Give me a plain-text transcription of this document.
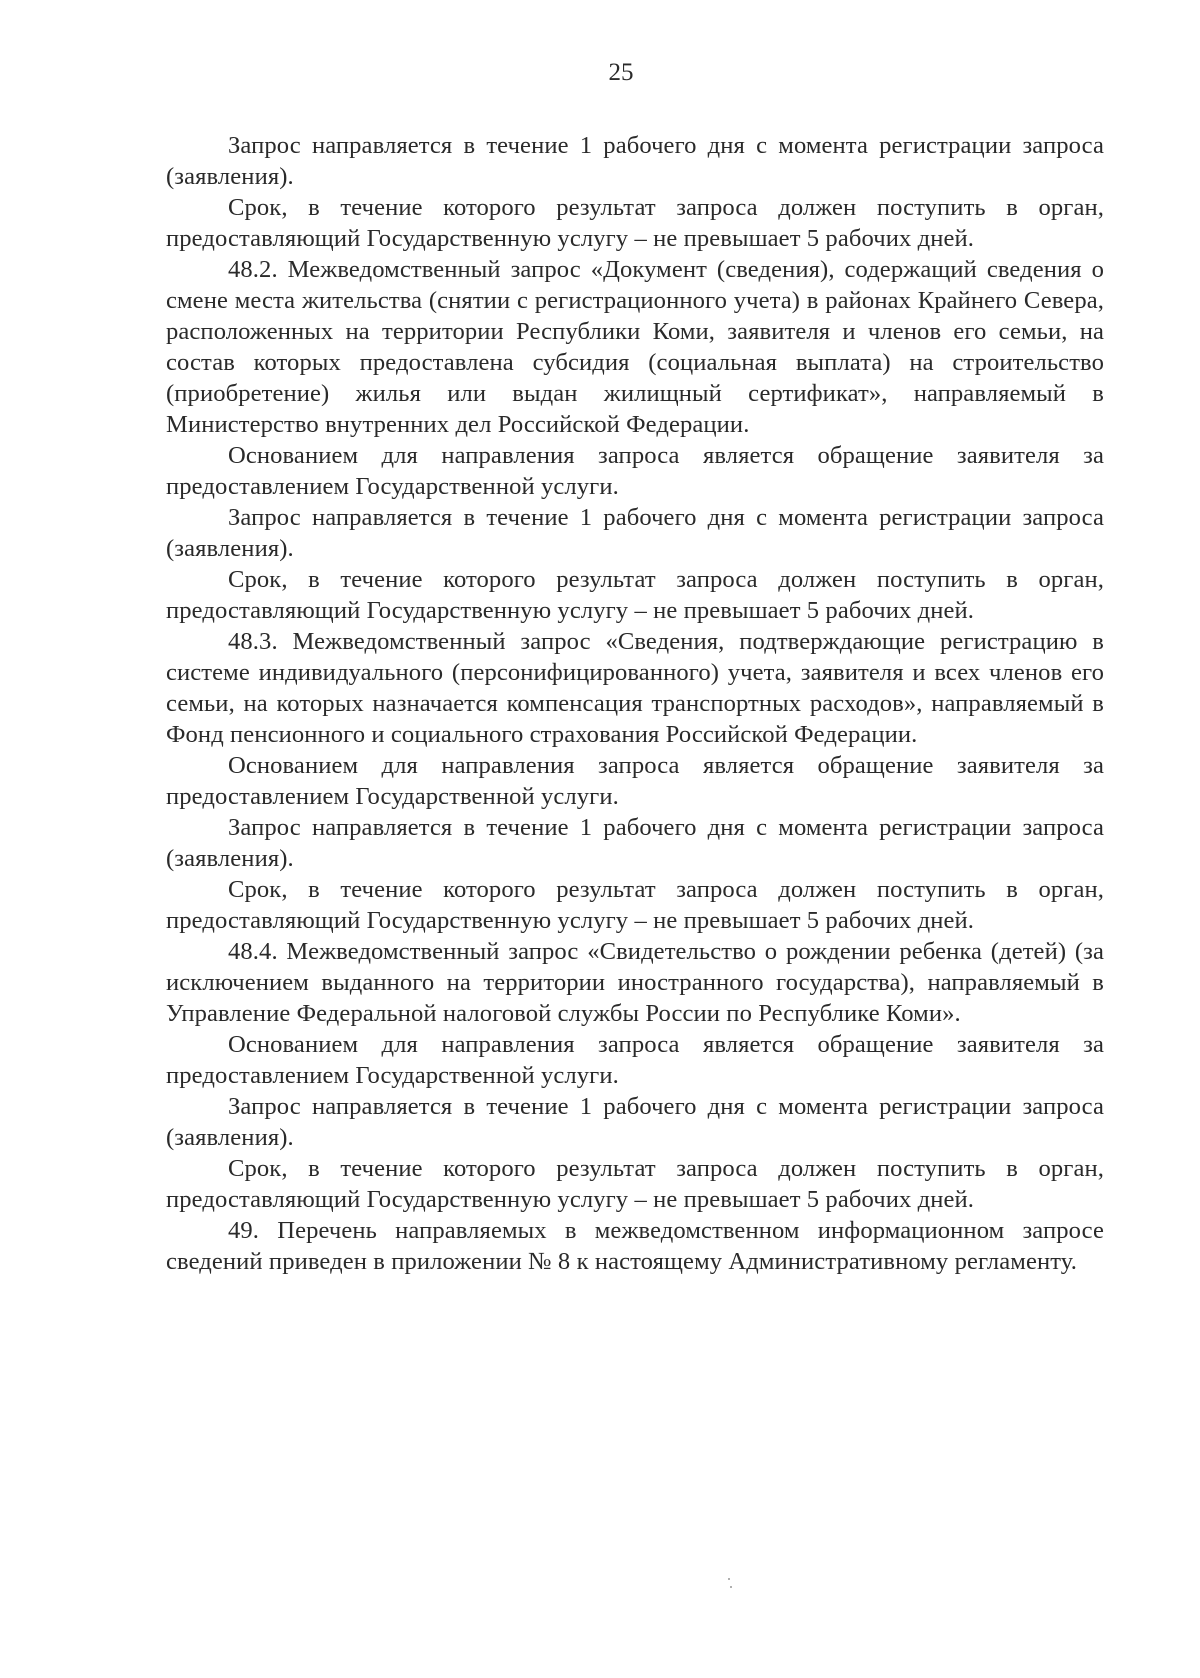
25

Запрос направляется в течение 1 рабочего дня с момента регистрации запроса (заявления).

Срок, в течение которого результат запроса должен поступить в орган, предоставляющий Государственную услугу – не превышает 5 рабочих дней.

48.2. Межведомственный запрос «Документ (сведения), содержащий сведения о смене места жительства (снятии с регистрационного учета) в районах Крайнего Севера, расположенных на территории Республики Коми, заявителя и членов его семьи, на состав которых предоставлена субсидия (социальная выплата) на строительство (приобретение) жилья или выдан жилищный сертификат», направляемый в Министерство внутренних дел Российской Федерации.

Основанием для направления запроса является обращение заявителя за предоставлением Государственной услуги.

Запрос направляется в течение 1 рабочего дня с момента регистрации запроса (заявления).

Срок, в течение которого результат запроса должен поступить в орган, предоставляющий Государственную услугу – не превышает 5 рабочих дней.

48.3. Межведомственный запрос «Сведения, подтверждающие регистрацию в системе индивидуального (персонифицированного) учета, заявителя и всех членов его семьи, на которых назначается компенсация транспортных расходов», направляемый в Фонд пенсионного и социального страхования Российской Федерации.

Основанием для направления запроса является обращение заявителя за предоставлением Государственной услуги.

Запрос направляется в течение 1 рабочего дня с момента регистрации запроса (заявления).

Срок, в течение которого результат запроса должен поступить в орган, предоставляющий Государственную услугу – не превышает 5 рабочих дней.

48.4. Межведомственный запрос «Свидетельство о рождении ребенка (детей) (за исключением выданного на территории иностранного государства), направляемый в Управление Федеральной налоговой службы России по Республике Коми».

Основанием для направления запроса является обращение заявителя за предоставлением Государственной услуги.

Запрос направляется в течение 1 рабочего дня с момента регистрации запроса (заявления).

Срок, в течение которого результат запроса должен поступить в орган, предоставляющий Государственную услугу – не превышает 5 рабочих дней.

49. Перечень направляемых в межведомственном информационном запросе сведений приведен в приложении № 8 к настоящему Административному регламенту.
